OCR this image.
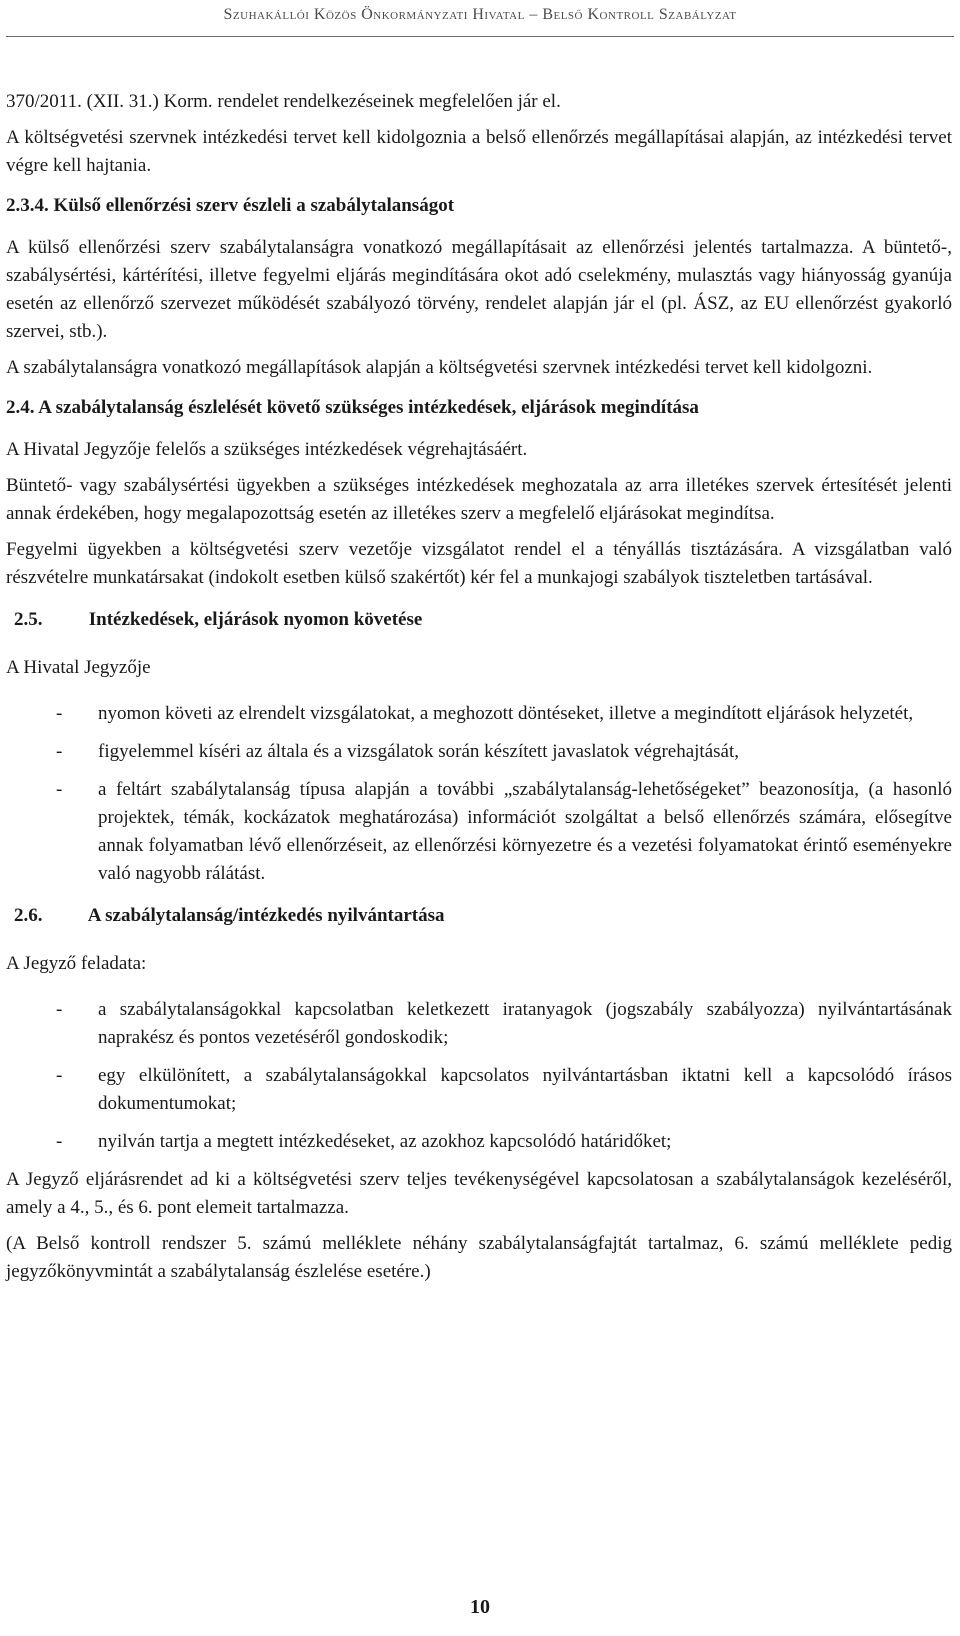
Szuhakállói Közös Önkormányzati Hivatal – Belső Kontroll Szabályzat

370/2011. (XII. 31.) Korm. rendelet rendelkezéseinek megfelelően jár el.

A költségvetési szervnek intézkedési tervet kell kidolgoznia a belső ellenőrzés megállapításai alapján, az intézkedési tervet végre kell hajtania.

2.3.4. Külső ellenőrzési szerv észleli a szabálytalanságot

A külső ellenőrzési szerv szabálytalanságra vonatkozó megállapításait az ellenőrzési jelentés tartalmazza. A büntető-, szabálysértési, kártérítési, illetve fegyelmi eljárás megindítására okot adó cselekmény, mulasztás vagy hiányosság gyanúja esetén az ellenőrző szervezet működését szabályozó törvény, rendelet alapján jár el (pl. ÁSZ, az EU ellenőrzést gyakorló szervei, stb.).

A szabálytalanságra vonatkozó megállapítások alapján a költségvetési szervnek intézkedési tervet kell kidolgozni.

2.4. A szabálytalanság észlelését követő szükséges intézkedések, eljárások megindítása

A Hivatal Jegyzője felelős a szükséges intézkedések végrehajtásáért.

Büntető- vagy szabálysértési ügyekben a szükséges intézkedések meghozatala az arra illetékes szervek értesítését jelenti annak érdekében, hogy megalapozottság esetén az illetékes szerv a megfelelő eljárásokat megindítsa.

Fegyelmi ügyekben a költségvetési szerv vezetője vizsgálatot rendel el a tényállás tisztázására. A vizsgálatban való részvételre munkatársakat (indokolt esetben külső szakértőt) kér fel a munkajogi szabályok tiszteletben tartásával.

2.5. Intézkedések, eljárások nyomon követése

A Hivatal Jegyzője

- nyomon követi az elrendelt vizsgálatokat, a meghozott döntéseket, illetve a megindított eljárások helyzetét,
- figyelemmel kíséri az általa és a vizsgálatok során készített javaslatok végrehajtását,
- a feltárt szabálytalanság típusa alapján a további „szabálytalanság-lehetőségeket” beazonosítja, (a hasonló projektek, témák, kockázatok meghatározása) információt szolgáltat a belső ellenőrzés számára, elősegítve annak folyamatban lévő ellenőrzéseit, az ellenőrzési környezetre és a vezetési folyamatokat érintő eseményekre való nagyobb rálátást.
2.6. A szabálytalanság/intézkedés nyilvántartása

A Jegyző feladata:

- a szabálytalanságokkal kapcsolatban keletkezett iratanyagok (jogszabály szabályozza) nyilvántartásának naprakész és pontos vezetéséről gondoskodik;
- egy elkülönített, a szabálytalanságokkal kapcsolatos nyilvántartásban iktatni kell a kapcsolódó írásos dokumentumokat;
- nyilván tartja a megtett intézkedéseket, az azokhoz kapcsolódó határidőket;

A Jegyző eljárásrendet ad ki a költségvetési szerv teljes tevékenységével kapcsolatosan a szabálytalanságok kezeléséről, amely a 4., 5., és 6. pont elemeit tartalmazza.

(A Belső kontroll rendszer 5. számú melléklete néhány szabálytalanságfajtát tartalmaz, 6. számú melléklete pedig jegyzőkönyvmintát a szabálytalanság észlelése esetére.)

10
